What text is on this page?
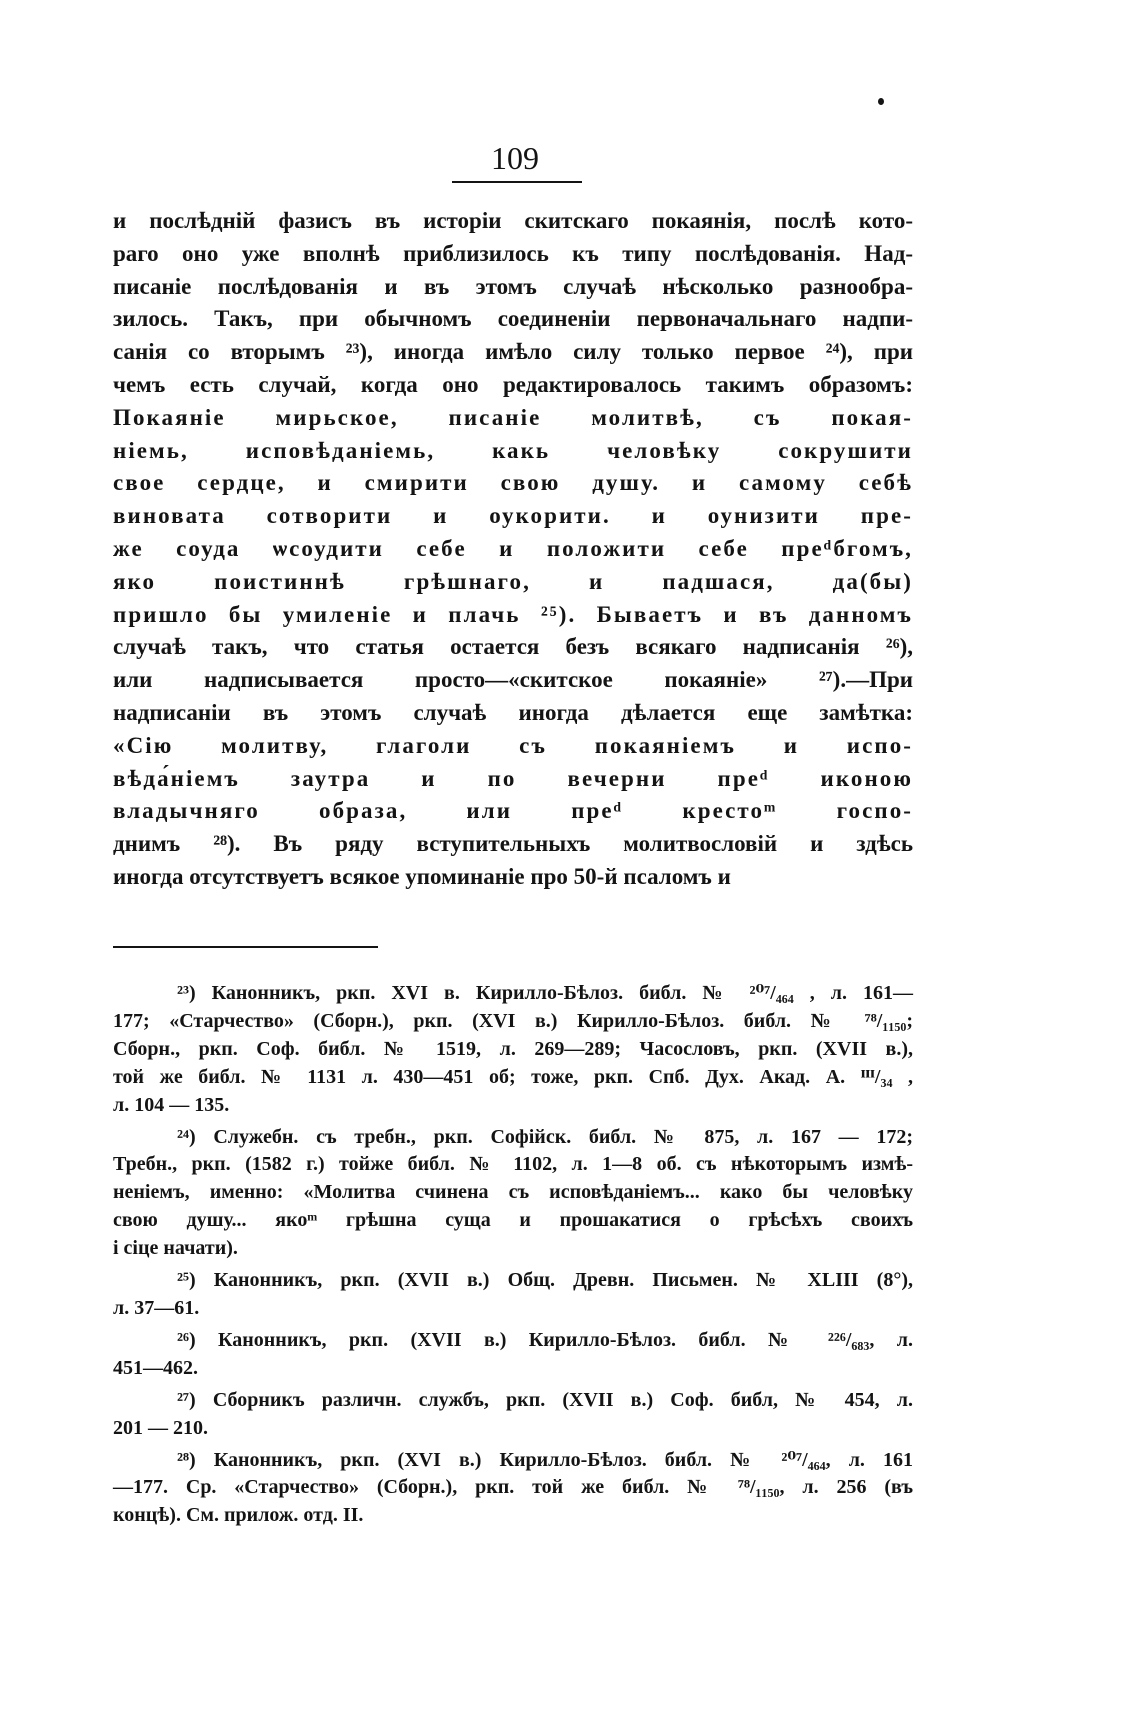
109
и послѣдній фазисъ въ исторіи скитскаго покаянія, послѣ кото-
раго оно уже вполнѣ приблизилось къ типу послѣдованія. Над-
писаніе послѣдованія и въ этомъ случаѣ нѣсколько разнообра-
зилось. Такъ, при обычномъ соединеніи первоначальнаго надпи-
санія со вторымъ ²³), иногда имѣло силу только первое ²⁴), при
чемъ есть случай, когда оно редактировалось такимъ образомъ:
Покаяніе мирьское, писаніе молитвѣ, съ покая-
ніемь, исповѣданіемь, какь человѣку сокрушити
свое сердце, и смирити свою душу. и самому себѣ
виновата сотворити и оукорити. и оунизити пре-
же соуда ѡсоудити себе и положити себе преᵈбгомъ,
яко поистиннѣ грѣшнаго, и падшася, да(бы)
пришло бы умиленіе и плачь ²⁵). Бываетъ и въ данномъ
случаѣ такъ, что статья остается безъ всякаго надписанія ²⁶),
или надписывается просто—«скитское покаяніе» ²⁷).—При
надписаніи въ этомъ случаѣ иногда дѣлается еще замѣтка:
«Сію молитву, глаголи съ покаяніемъ и испо-
вѣда́ніемъ заутра и по вечерни преᵈ иконою
владычняго образа, или преᵈ крестоᵐ госпо-
днимъ ²⁸). Въ ряду вступительныхъ молитвословій и здѣсь
иногда отсутствуетъ всякое упоминаніе про 50-й псаломъ и
²³) Канонникъ, ркп. XVI в. Кирилло-Бѣлоз. библ. № ²⁰⁷/₄₆₄ , л. 161—
177; «Старчество» (Сборн.), ркп. (XVI в.) Кирилло-Бѣлоз. библ. № ⁷⁸/₁₁₅₀;
Сборн., ркп. Соф. библ. № 1519, л. 269—289; Часословъ, ркп. (XVII в.),
той же библ. № 1131 л. 430—451 об; тоже, ркп. Спб. Дух. Акад. А. ᴵᴵᴵ/₃₄ ,
л. 104 — 135.
²⁴) Служебн. съ требн., ркп. Софійск. библ. № 875, л. 167 — 172;
Требн., ркп. (1582 г.) тойже библ. № 1102, л. 1—8 об. съ нѣкоторымъ измѣ-
неніемъ, именно: «Молитва счинена съ исповѣданіемъ... како бы человѣку
свою душу... якоᵐ грѣшна суща и прошакатися о грѣсѣхъ своихъ
і сіце начати).
²⁵) Канонникъ, ркп. (XVII в.) Общ. Древн. Письмен. № XLIII (8°),
л. 37—61.
²⁶) Канонникъ, ркп. (XVII в.) Кирилло-Бѣлоз. библ. № ²²⁶/₆₈₃, л.
451—462.
²⁷) Сборникъ различн. службъ, ркп. (XVII в.) Соф. библ, № 454, л.
201 — 210.
²⁸) Канонникъ, ркп. (XVI в.) Кирилло-Бѣлоз. библ. № ²⁰⁷/₄₆₄, л. 161
—177. Ср. «Старчество» (Сборн.), ркп. той же библ. № ⁷⁸/₁₁₅₀, л. 256 (въ
концѣ). См. прилож. отд. II.
